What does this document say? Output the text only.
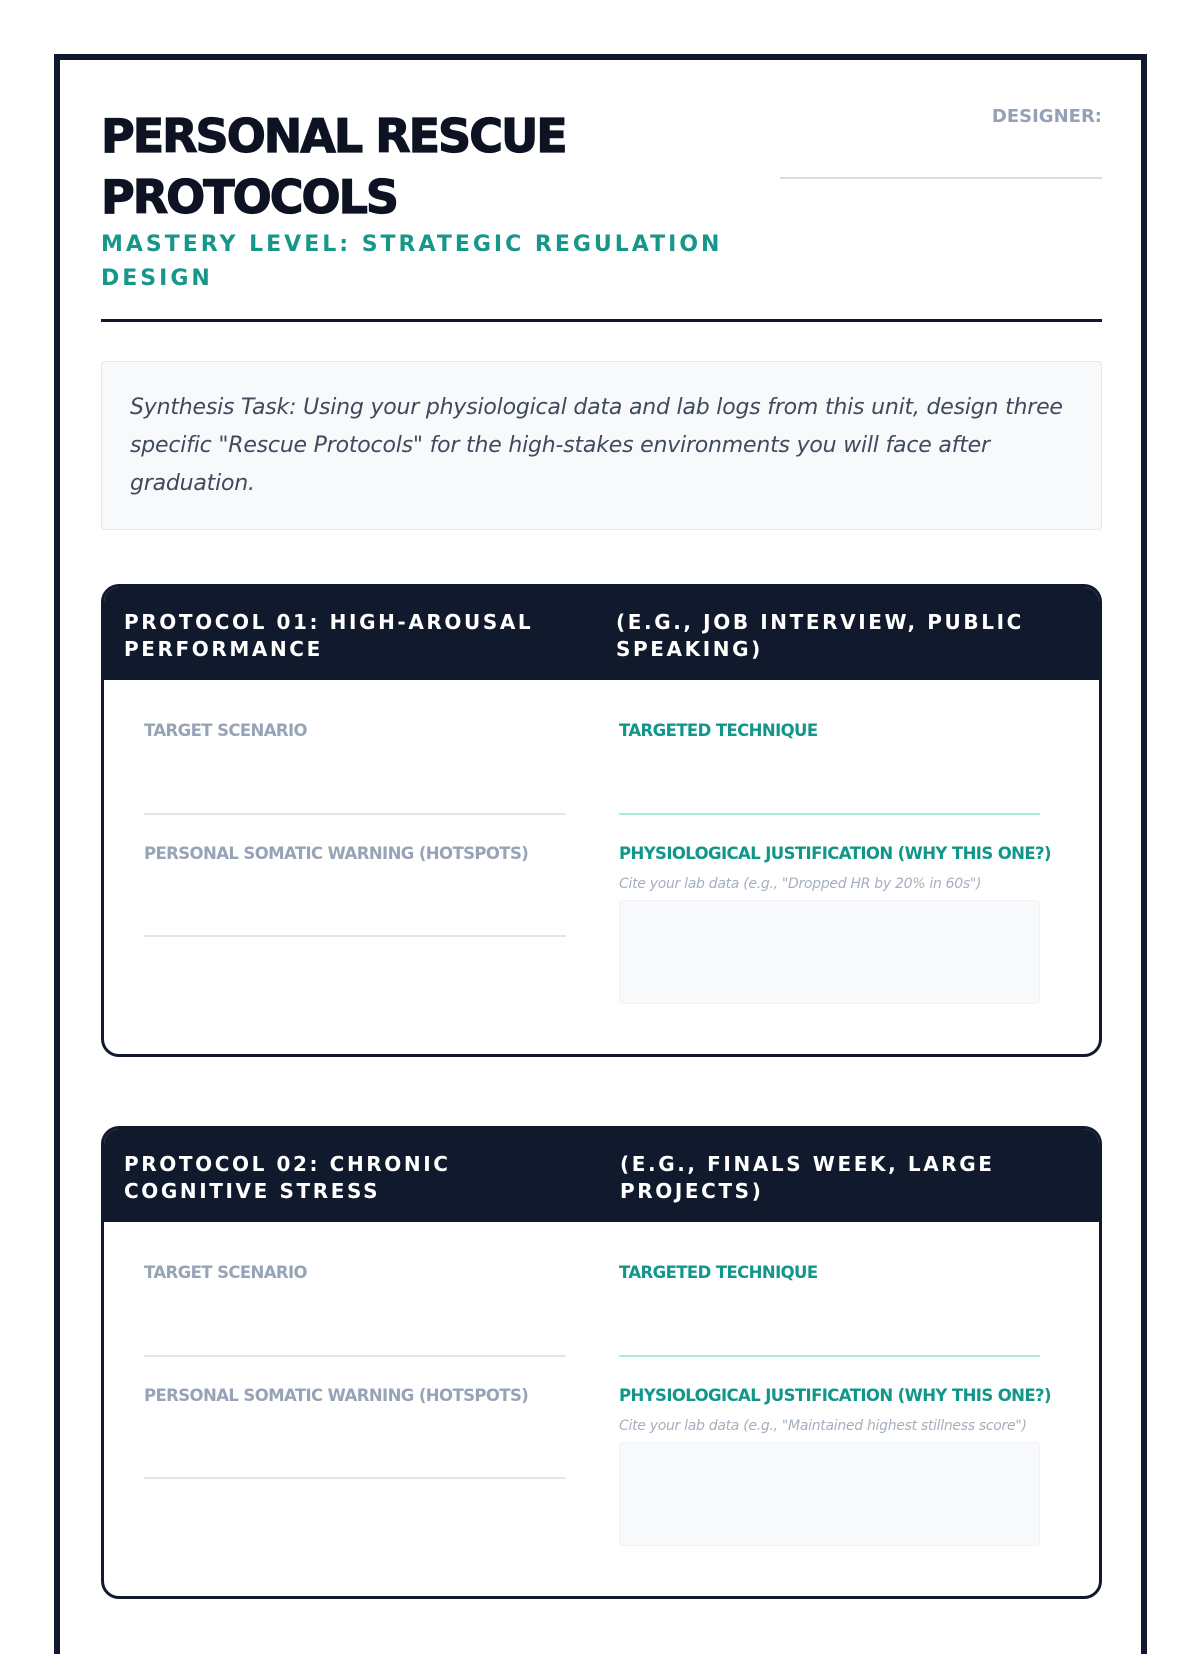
PERSONAL RESCUE PROTOCOLS
MASTERY LEVEL: STRATEGIC REGULATION DESIGN
DESIGNER:

Synthesis Task: Using your physiological data and lab logs from this unit, design three specific "Rescue Protocols" for the high-stakes environments you will face after graduation.

PROTOCOL 01: HIGH-AROUSAL PERFORMANCE

(E.G., JOB INTERVIEW, PUBLIC SPEAKING)

TARGET SCENARIO	TARGETED TECHNIQUE

PERSONAL SOMATIC WARNING (HOTSPOTS)	PHYSIOLOGICAL JUSTIFICATION (WHY THIS ONE?)

Cite your lab data (e.g., "Dropped HR by 20% in 60s")

PROTOCOL 02: CHRONIC COGNITIVE STRESS

(E.G., FINALS WEEK, LARGE PROJECTS)

TARGET SCENARIO	TARGETED TECHNIQUE

PERSONAL SOMATIC WARNING (HOTSPOTS)	PHYSIOLOGICAL JUSTIFICATION (WHY THIS ONE?)

Cite your lab data (e.g., "Maintained highest stillness score")
